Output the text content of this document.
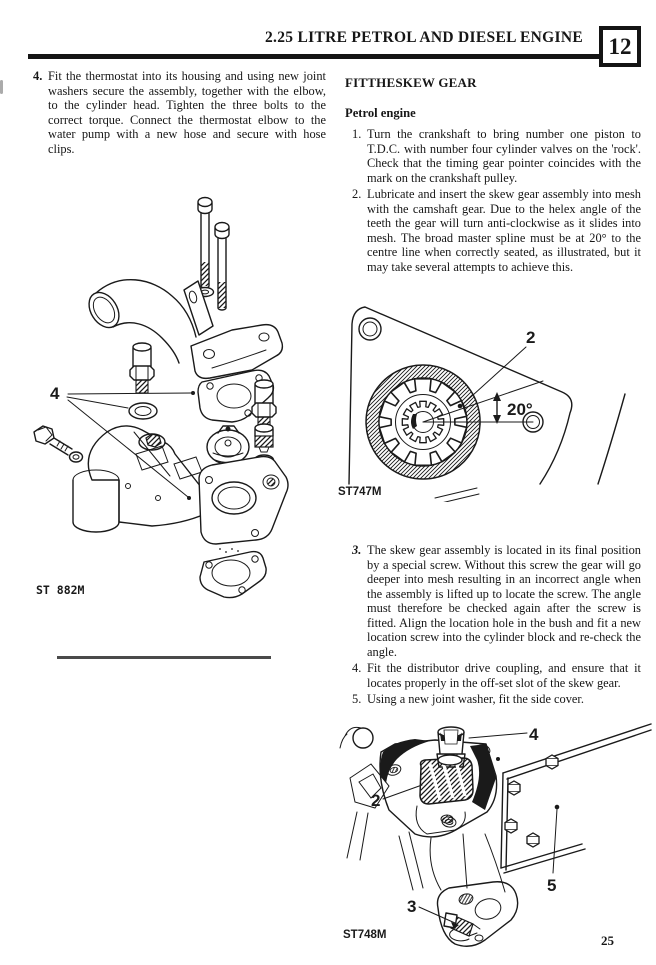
2.25 LITRE PETROL AND DIESEL ENGINE 12
4. Fit the thermostat into its housing and using new joint washers secure the assembly, together with the elbow, to the cylinder head. Tighten the three bolts to the correct torque. Connect the thermostat elbow to the water pump with a new hose and secure with hose clips.
4
ST 882M
FITTHESKEW GEAR
Petrol engine
1. Turn the crankshaft to bring number one piston to T.D.C. with number four cylinder valves on the 'rock'. Check that the timing gear pointer coincides with the mark on the crankshaft pulley.
2. Lubricate and insert the skew gear assembly into mesh with the camshaft gear. Due to the helex angle of the teeth the gear will turn anti-clockwise as it slides into mesh. The broad master spline must be at 20° to the centre line when correctly seated, as illustrated, but it may take several attempts to achieve this.
20°
2
ST747M
3. The skew gear assembly is located in its final position by a special screw. Without this screw the gear will go deeper into mesh resulting in an incorrect angle when the assembly is lifted up to locate the screw. The angle must therefore be checked again after the screw is fitted. Align the location hole in the bush and fit a new location screw into the cylinder block and re-check the angle.
4. Fit the distributor drive coupling, and ensure that it locates properly in the off-set slot of the skew gear.
5. Using a new joint washer, fit the side cover.
4
2
3
5
ST748M	25
